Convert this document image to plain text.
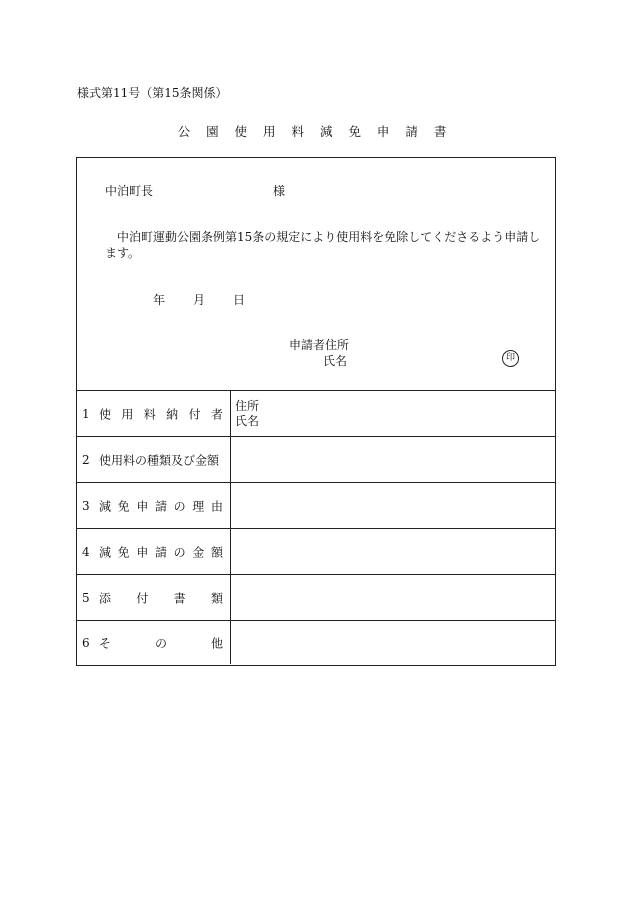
様式第11号（第15条関係）
公 園 使 用 料 減 免 申 請 書
中泊町長	様
中泊町運動公園条例第15条の規定により使用料を免除してくださるよう申請します。
年 月 日
申請者住所
氏名	印
1 使 用 料 納 付 者
住所
氏名
2 使用料の種類及び金額
3 減 免 申 請 の 理 由
4 減 免 申 請 の 金 額
5 添 付 書 類
6 そ	の	他
